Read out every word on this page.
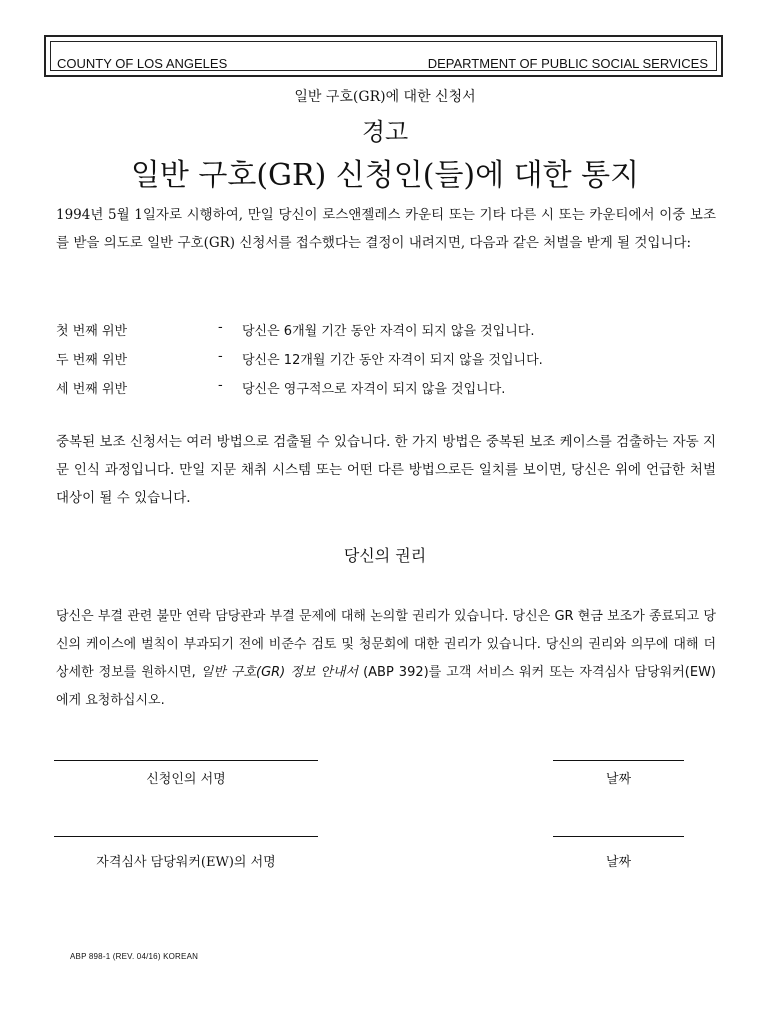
COUNTY OF LOS ANGELES	DEPARTMENT OF PUBLIC SOCIAL SERVICES
일반 구호(GR)에 대한 신청서
경고
일반 구호(GR) 신청인(들)에 대한 통지
1994년 5월 1일자로 시행하여, 만일 당신이 로스앤젤레스 카운티 또는 기타 다른 시 또는 카운티에서 이중 보조를 받을 의도로 일반 구호(GR) 신청서를 접수했다는 결정이 내려지면, 다음과 같은 처벌을 받게 될 것입니다:
첫 번째 위반	- 당신은 6개월 기간 동안 자격이 되지 않을 것입니다.
두 번째 위반	- 당신은 12개월 기간 동안 자격이 되지 않을 것입니다.
세 번째 위반	- 당신은 영구적으로 자격이 되지 않을 것입니다.
중복된 보조 신청서는 여러 방법으로 검출될 수 있습니다. 한 가지 방법은 중복된 보조 케이스를 검출하는 자동 지문 인식 과정입니다. 만일 지문 채취 시스템 또는 어떤 다른 방법으로든 일치를 보이면, 당신은 위에 언급한 처벌 대상이 될 수 있습니다.
당신의 권리
당신은 부결 관련 불만 연락 담당관과 부결 문제에 대해 논의할 권리가 있습니다. 당신은 GR 현금 보조가 종료되고 당신의 케이스에 벌칙이 부과되기 전에 비준수 검토 및 청문회에 대한 권리가 있습니다. 당신의 권리와 의무에 대해 더 상세한 정보를 원하시면, 일반 구호(GR) 정보 안내서 (ABP 392)를 고객 서비스 워커 또는 자격심사 담당워커(EW)에게 요청하십시오.
신청인의 서명	날짜
자격심사 담당워커(EW)의 서명	날짜
ABP 898-1 (REV. 04/16) KOREAN
